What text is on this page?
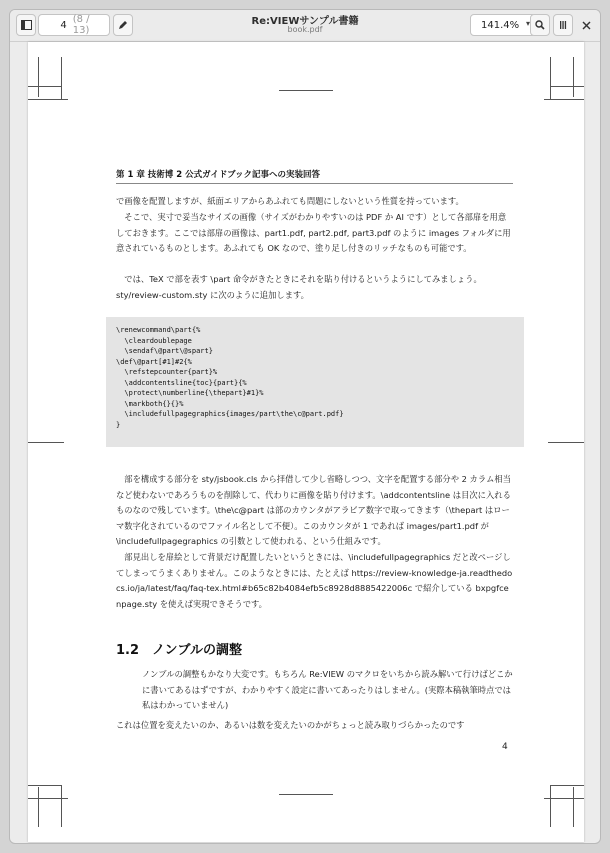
4 (8 / 13)
Re:VIEWサンプル書籍
book.pdf	141.4% ▾
第 1 章 技術博 2 公式ガイドブック記事への実装回答
で画像を配置しますが、紙面エリアからあふれても問題にしないという性質を持っています。
そこで、実寸で妥当なサイズの画像（サイズがわかりやすいのは PDF か AI です）として各部扉を用意しておきます。ここでは部扉の画像は、part1.pdf, part2.pdf, part3.pdf のように images フォルダに用意されているものとします。あふれても OK なので、塗り足し付きのリッチなものも可能です。
では、TeX で部を表す \part 命令がきたときにそれを貼り付けるというようにしてみましょう。sty/review-custom.sty に次のように追加します。
\renewcommand\part{%
\cleardoublepage
\sendaf\@part\@spart}
\def\@part[#1]#2{%
\refstepcounter{part}%
\addcontentsline{toc}{part}{%
\protect\numberline{\thepart}#1}%
\markboth{}{}%
\includefullpagegraphics{images/part\the\c@part.pdf}
}
部を構成する部分を sty/jsbook.cls から拝借して少し省略しつつ、文字を配置する部分や 2 カラム相当など使わないであろうものを削除して、代わりに画像を貼り付けます。\addcontentsline は目次に入れるものなので残しています。\the\c@part は部のカウンタがアラビア数字で取ってきます（\thepart はローマ数字化されているのでファイル名として不便）。このカウンタが 1 であれば images/part1.pdf が \includefullpagegraphics の引数として使われる、という仕組みです。
部見出しを扉絵として背景だけ配置したいというときには、\includefullpagegraphics だと改ページしてしまってうまくありません。このようなときには、たとえば https://review-knowledge-ja.readthedocs.io/ja/latest/faq/faq-tex.html#b65c82b4084efb5c8928d8885422006c で紹介している bxpgfcenpage.sty を使えば実現できそうです。
1.2　ノンブルの調整
ノンブルの調整もかなり大変です。もちろん Re:VIEW のマクロをいちから読み解いて行けばどこかに書いてあるはずですが、わかりやすく設定に書いてあったりはしません。(実際本稿執筆時点では私はわかっていません)
これは位置を変えたいのか、あるいは数を変えたいのかがちょっと読み取りづらかったのです
4
